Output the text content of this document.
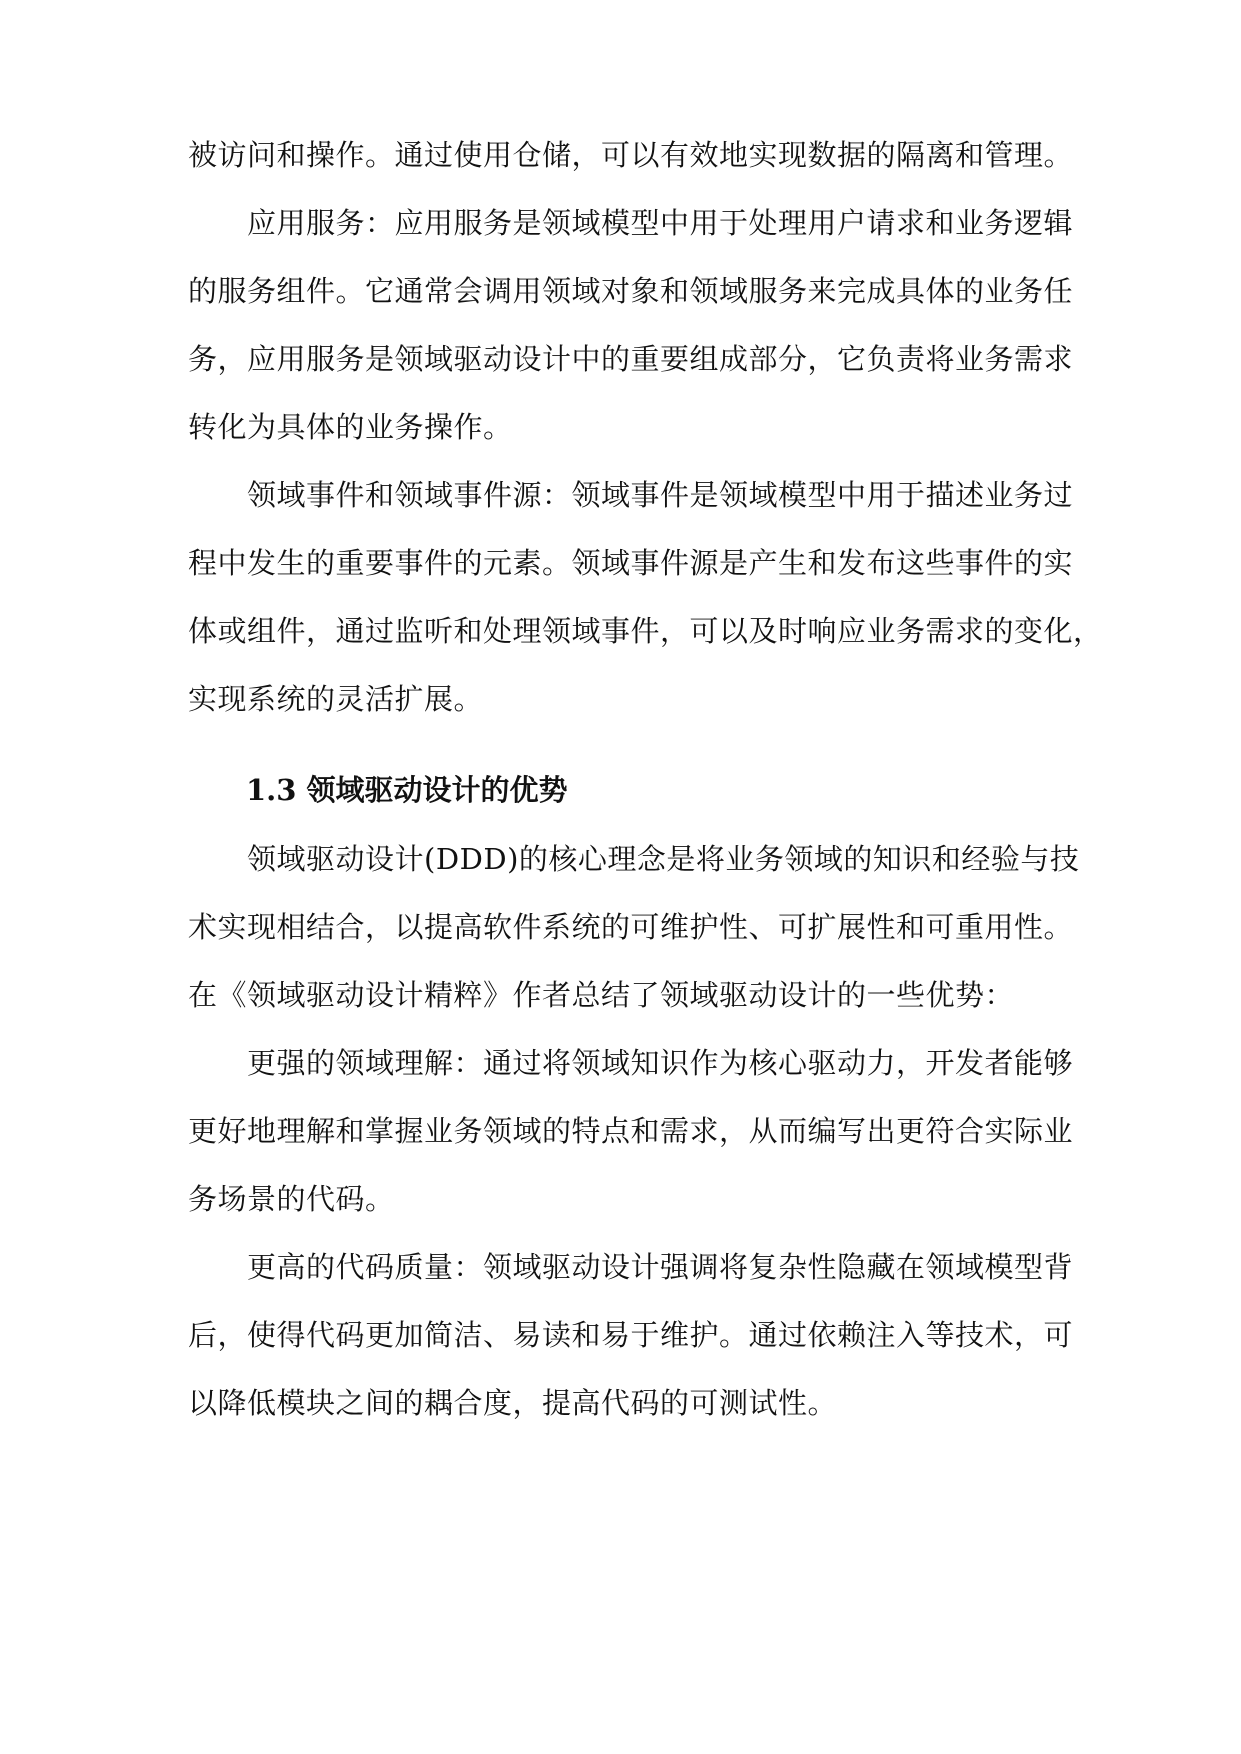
被访问和操作。通过使用仓储，可以有效地实现数据的隔离和管理。
　　应用服务：应用服务是领域模型中用于处理用户请求和业务逻辑
的服务组件。它通常会调用领域对象和领域服务来完成具体的业务任
务，应用服务是领域驱动设计中的重要组成部分，它负责将业务需求
转化为具体的业务操作。
　　领域事件和领域事件源：领域事件是领域模型中用于描述业务过
程中发生的重要事件的元素。领域事件源是产生和发布这些事件的实
体或组件，通过监听和处理领域事件，可以及时响应业务需求的变化，
实现系统的灵活扩展。
1.3 领域驱动设计的优势
　　领域驱动设计(DDD)的核心理念是将业务领域的知识和经验与技
术实现相结合，以提高软件系统的可维护性、可扩展性和可重用性。
在《领域驱动设计精粹》作者总结了领域驱动设计的一些优势：
　　更强的领域理解：通过将领域知识作为核心驱动力，开发者能够
更好地理解和掌握业务领域的特点和需求，从而编写出更符合实际业
务场景的代码。
　　更高的代码质量：领域驱动设计强调将复杂性隐藏在领域模型背
后，使得代码更加简洁、易读和易于维护。通过依赖注入等技术，可
以降低模块之间的耦合度，提高代码的可测试性。
